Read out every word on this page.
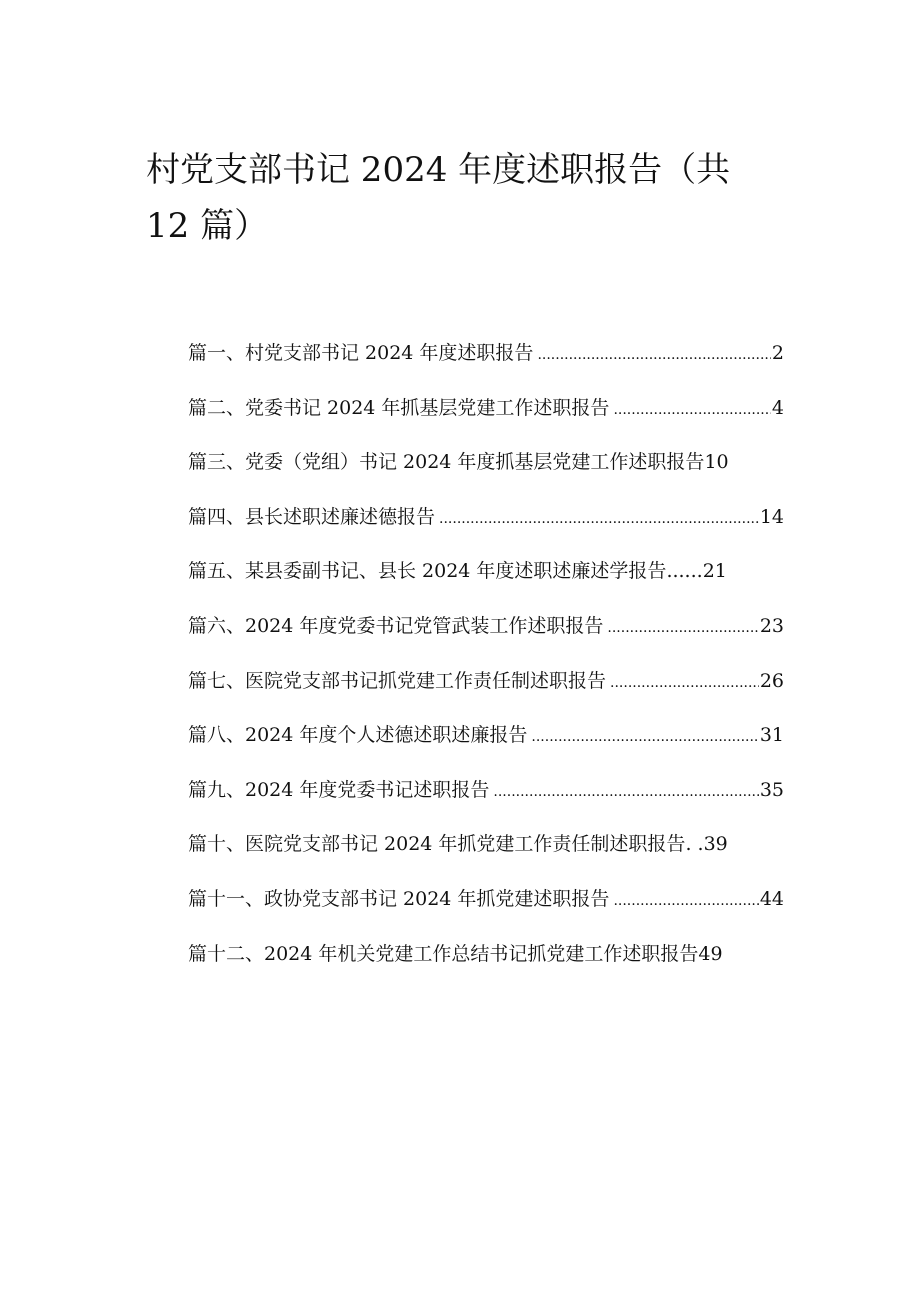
村党支部书记 2024 年度述职报告（共 12 篇）
篇一、村党支部书记 2024 年度述职报告 .....	2
篇二、党委书记 2024 年抓基层党建工作述职报告 .....	4
篇三、党委（党组）书记 2024 年度抓基层党建工作述职报告 10
篇四、县长述职述廉述德报告 .....	14
篇五、某县委副书记、县长 2024 年度述职述廉述学报告 ...... 21
篇六、2024 年度党委书记党管武装工作述职报告 .....	23
篇七、医院党支部书记抓党建工作责任制述职报告 .....	26
篇八、2024 年度个人述德述职述廉报告 .....	31
篇九、2024 年度党委书记述职报告 .....	35
篇十、医院党支部书记 2024 年抓党建工作责任制述职报告 . . 39
篇十一、政协党支部书记 2024 年抓党建述职报告 .....	44
篇十二、2024 年机关党建工作总结书记抓党建工作述职报告 49
